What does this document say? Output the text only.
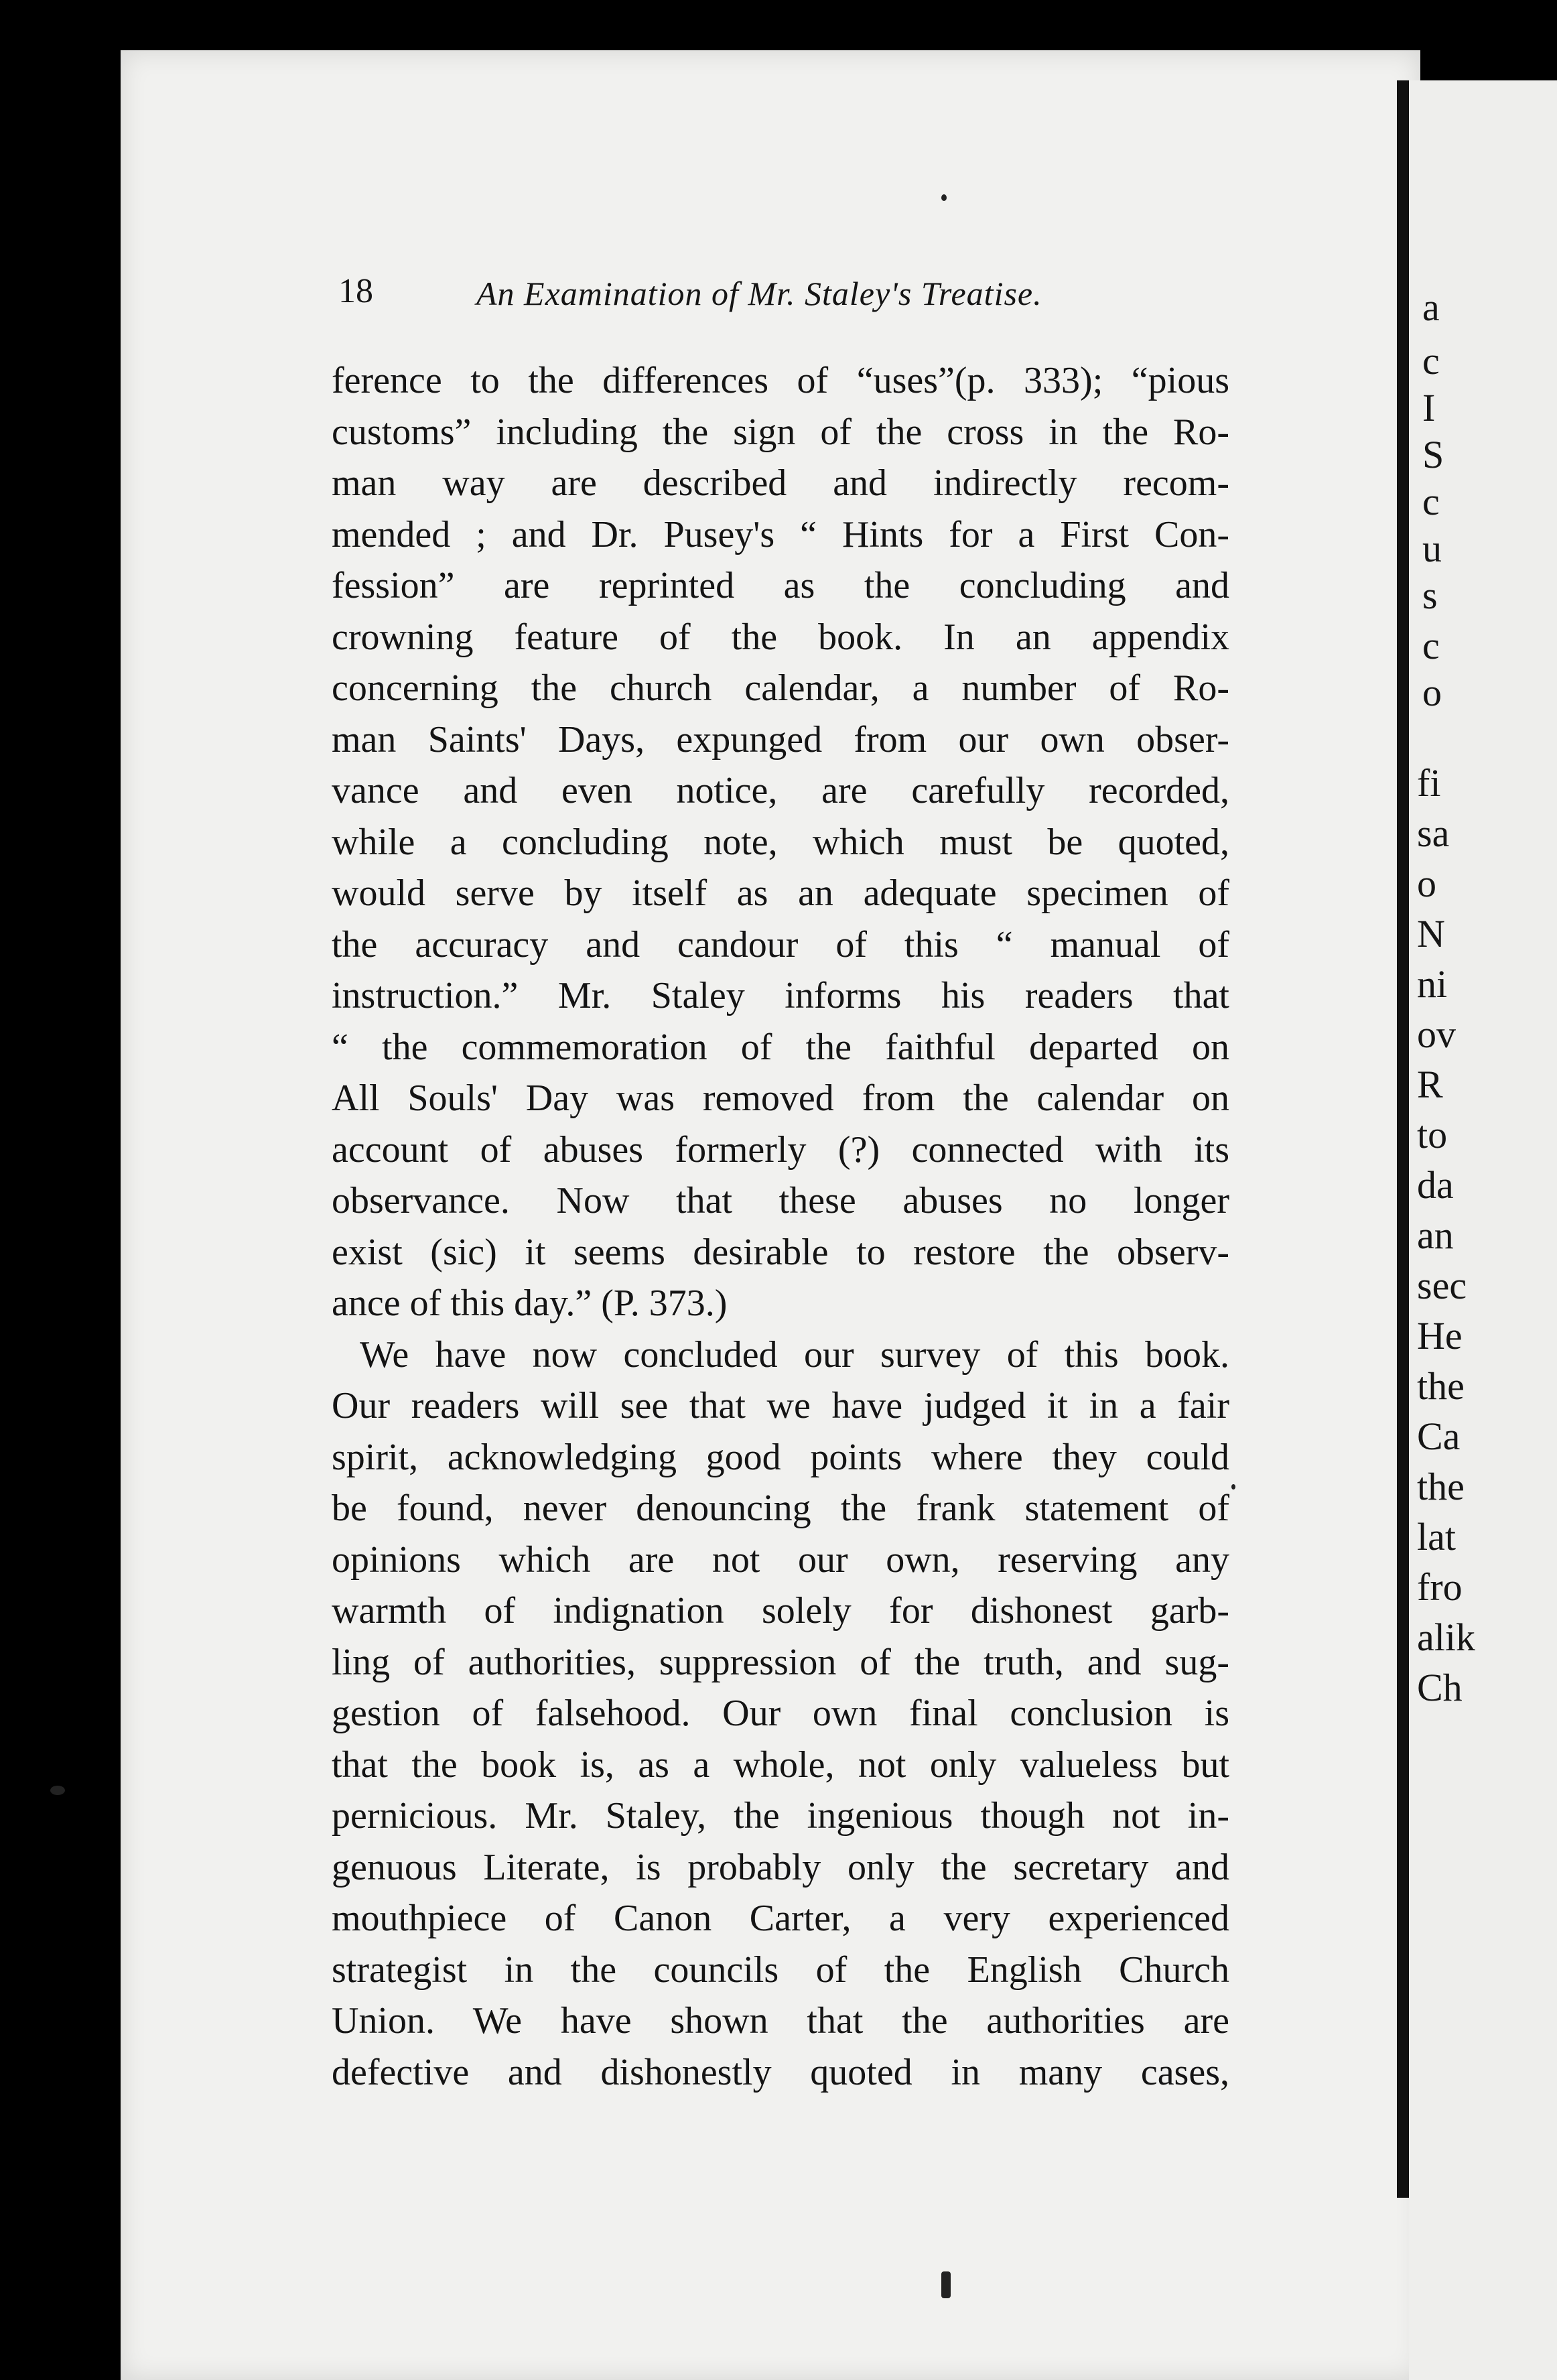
18	An Examination of Mr. Staley's Treatise.
ference to the differences of “uses”(p. 333); “pious
customs” including the sign of the cross in the Ro-
man way are described and indirectly recom-
mended ; and Dr. Pusey's “ Hints for a First Con-
fession” are reprinted as the concluding and
crowning feature of the book. In an appendix
concerning the church calendar, a number of Ro-
man Saints' Days, expunged from our own obser-
vance and even notice, are carefully recorded,
while a concluding note, which must be quoted,
would serve by itself as an adequate specimen of
the accuracy and candour of this “ manual of
instruction.” Mr. Staley informs his readers that
“ the commemoration of the faithful departed on
All Souls' Day was removed from the calendar on
account of abuses formerly (?) connected with its
observance. Now that these abuses no longer
exist (sic) it seems desirable to restore the observ-
ance of this day.” (P. 373.)
We have now concluded our survey of this book.
Our readers will see that we have judged it in a fair
spirit, acknowledging good points where they could
be found, never denouncing the frank statement of
opinions which are not our own, reserving any
warmth of indignation solely for dishonest garb-
ling of authorities, suppression of the truth, and sug-
gestion of falsehood. Our own final conclusion is
that the book is, as a whole, not only valueless but
pernicious. Mr. Staley, the ingenious though not in-
genuous Literate, is probably only the secretary and
mouthpiece of Canon Carter, a very experienced
strategist in the councils of the English Church
Union. We have shown that the authorities are
defective and dishonestly quoted in many cases,
a
c
I
S
c
u
s
c
o
fi
sa
o
N
ni
ov
R
to
da
an
sec
He
the
Ca
the
lat
fro
alik
Ch
